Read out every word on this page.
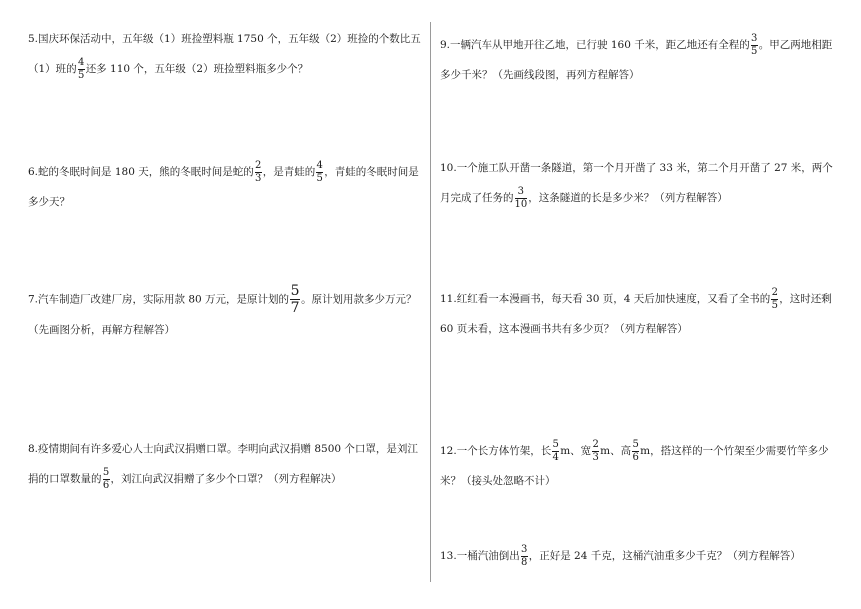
5.国庆环保活动中，五年级（1）班捡塑料瓶 1750 个，五年级（2）班捡的个数比五
（1）班的 $\frac{4}{5}$ 还多 110 个，五年级（2）班捡塑料瓶多少个？
6.蛇的冬眠时间是 180 天，熊的冬眠时间是蛇的 $\frac{2}{3}$ ，是青蛙的 $\frac{4}{5}$ ，青蛙的冬眠时间是
多少天？
7.汽车制造厂改建厂房，实际用款 80 万元，是原计划的 $\frac{5}{7}$ 。原计划用款多少万元？
（先画图分析，再解方程解答）
8.疫情期间有许多爱心人士向武汉捐赠口罩。李明向武汉捐赠 8500 个口罩，是刘江
捐的口罩数量的 $\frac{5}{6}$ ，刘江向武汉捐赠了多少个口罩？（列方程解决）
9.一辆汽车从甲地开往乙地，已行驶 160 千米，距乙地还有全程的 $\frac{3}{5}$ 。甲乙两地相距
多少千米？（先画线段图，再列方程解答）
10.一个施工队开凿一条隧道，第一个月开凿了 33 米，第二个月开凿了 27 米，两个
月完成了任务的 $\frac{3}{10}$ ，这条隧道的长是多少米？（列方程解答）
11.红红看一本漫画书，每天看 30 页，4 天后加快速度，又看了全书的 $\frac{2}{5}$ ，这时还剩
60 页未看，这本漫画书共有多少页？（列方程解答）
12.一个长方体竹架，长 $\frac{5}{4}$ m、宽 $\frac{2}{3}$ m、高 $\frac{5}{6}$ m，搭这样的一个竹架至少需要竹竿多少
米？（接头处忽略不计）
13.一桶汽油倒出 $\frac{3}{8}$ ，正好是 24 千克，这桶汽油重多少千克？（列方程解答）
